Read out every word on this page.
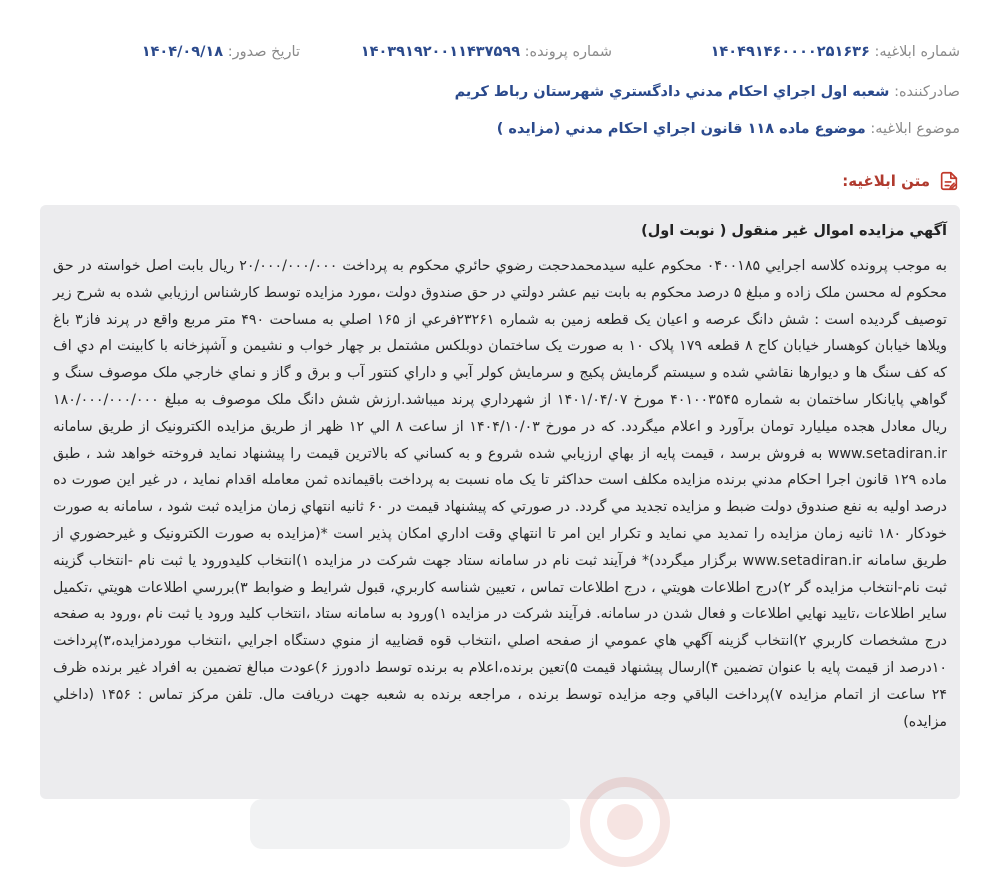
شماره ابلاغيه: ۱۴۰۴۹۱۴۶۰۰۰۰۲۵۱۶۳۶
شماره پرونده: ۱۴۰۳۹۱۹۲۰۰۱۱۴۳۷۵۹۹
تاريخ صدور: ۱۴۰۴/۰۹/۱۸
صادرکننده: شعبه اول اجراي احکام مدني دادگستري شهرستان رباط کريم
موضوع ابلاغيه: موضوع ماده ۱۱۸ قانون اجراي احکام مدني (مزايده )
متن ابلاغيه:
آگهي مزايده اموال غير منقول ( نوبت اول)
به موجب پرونده کلاسه اجرايي ۰۴۰۰۱۸۵ محکوم عليه سيدمحمدحجت رضوي حائري محکوم به پرداخت ۲۰/۰۰۰/۰۰۰/۰۰۰ ريال بابت اصل خواسته در حق محکوم له محسن ملک زاده و مبلغ ۵ درصد محکوم به بابت نيم عشر دولتي در حق صندوق دولت ،مورد مزايده توسط کارشناس ارزيابي شده به شرح زير توصيف گرديده است : شش دانگ عرصه و اعيان يک قطعه زمين به شماره ۲۳۲۶۱فرعي از ۱۶۵ اصلي به مساحت ۴۹۰ متر مربع واقع در پرند فاز۳ باغ ويلاها خيابان کوهسار خيابان کاج ۸ قطعه ۱۷۹ پلاک ۱۰ به صورت يک ساختمان دوبلکس مشتمل بر چهار خواب و نشيمن و آشپزخانه با کابينت ام دي اف که کف سنگ ها و ديوارها نقاشي شده و سيستم گرمايش پکيج و سرمايش کولر آبي و داراي کنتور آب و برق و گاز و نماي خارجي ملک موصوف سنگ و گواهي پايانکار ساختمان به شماره ۴۰۱۰۰۳۵۴۵ مورخ ۱۴۰۱/۰۴/۰۷ از شهرداري پرند ميباشد.ارزش شش دانگ ملک موصوف به مبلغ ۱۸۰/۰۰۰/۰۰۰/۰۰۰ ريال معادل هجده ميليارد تومان برآورد و اعلام ميگردد. که در مورخ ۱۴۰۴/۱۰/۰۳ از ساعت ۸ الي ۱۲ ظهر از طريق مزايده الکترونيک از طريق سامانه www.setadiran.ir به فروش برسد ، قيمت پايه از بهاي ارزيابي شده شروع و به کساني که بالاترين قيمت را پيشنهاد نمايد فروخته خواهد شد ، طبق ماده ۱۲۹ قانون اجرا احکام مدني برنده مزايده مکلف است حداکثر تا يک ماه نسبت به پرداخت باقيمانده ثمن معامله اقدام نمايد ، در غير اين صورت ده درصد اوليه به نفع صندوق دولت ضبط و مزايده تجديد مي گردد. در صورتي که پيشنهاد قيمت در ۶۰ ثانيه انتهاي زمان مزايده ثبت شود ، سامانه به صورت خودکار ۱۸۰ ثانيه زمان مزايده را تمديد مي نمايد و تکرار اين امر تا انتهاي وقت اداري امکان پذير است *(مزايده به صورت الکترونيک و غيرحضوري از طريق سامانه www.setadiran.ir برگزار ميگردد)* فرآيند ثبت نام در سامانه ستاد جهت شرکت در مزايده ۱)انتخاب کليدورود يا ثبت نام -انتخاب گزينه ثبت نام-انتخاب مزايده گر ۲)درج اطلاعات هويتي ، درج اطلاعات تماس ، تعيين شناسه کاربري، قبول شرايط و ضوابط ۳)بررسي اطلاعات هويتي ،تکميل ساير اطلاعات ،تاييد نهايي اطلاعات و فعال شدن در سامانه. فرآيند شرکت در مزايده ۱)ورود به سامانه ستاد ،انتخاب کليد ورود يا ثبت نام ،ورود به صفحه درج مشخصات کاربري ۲)انتخاب گزينه آگهي هاي عمومي از صفحه اصلي ،انتخاب قوه قضاييه از منوي دستگاه اجرايي ،انتخاب موردمزايده،۳)پرداخت ۱۰درصد از قيمت پايه با عنوان تضمين ۴)ارسال پيشنهاد قيمت ۵)تعين برنده،اعلام به برنده توسط دادورز ۶)عودت مبالغ تضمين به افراد غير برنده ظرف ۲۴ ساعت از اتمام مزايده ۷)پرداخت الباقي وجه مزايده توسط برنده ، مراجعه برنده به شعبه جهت دريافت مال. تلفن مرکز تماس : ۱۴۵۶ (داخلي مزايده)
